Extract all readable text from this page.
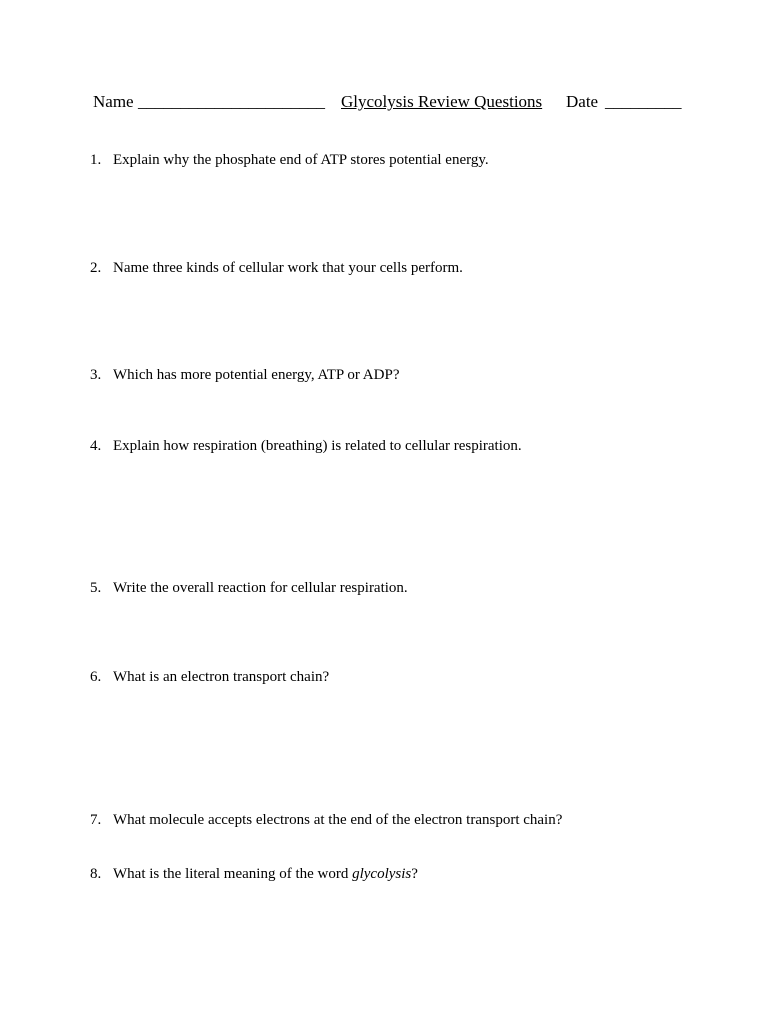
Name ______________________ Glycolysis Review Questions Date _________
1. Explain why the phosphate end of ATP stores potential energy.
2. Name three kinds of cellular work that your cells perform.
3. Which has more potential energy, ATP or ADP?
4. Explain how respiration (breathing) is related to cellular respiration.
5. Write the overall reaction for cellular respiration.
6. What is an electron transport chain?
7. What molecule accepts electrons at the end of the electron transport chain?
8. What is the literal meaning of the word glycolysis?
